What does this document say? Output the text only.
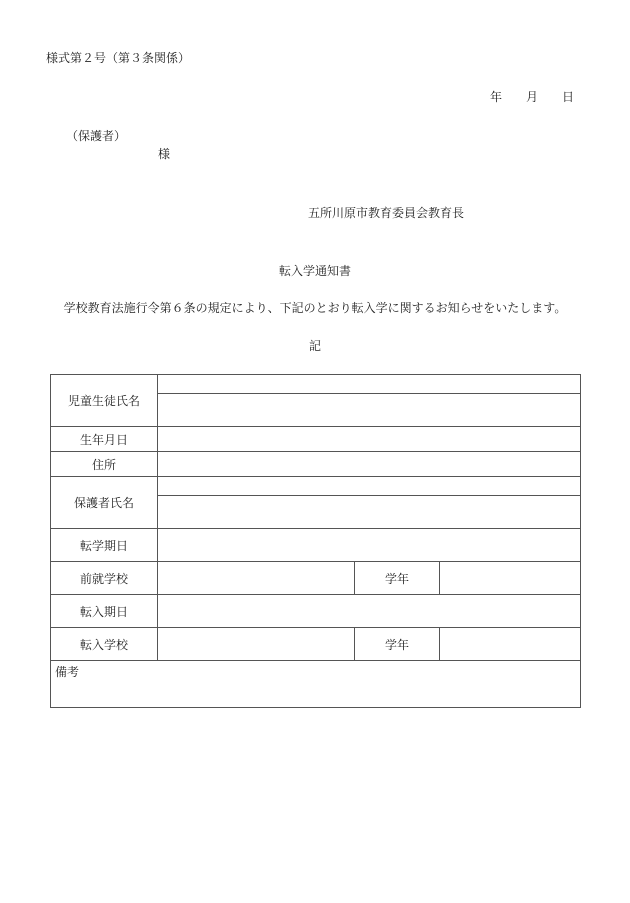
様式第２号（第３条関係）
年 月 日
（保護者）
様
五所川原市教育委員会教育長
転入学通知書
学校教育法施行令第６条の規定により、下記のとおり転入学に関するお知らせをいたします。
記
児童生徒氏名			

生年月日			
住所			
保護者氏名			

転学期日			
前就学校		学年	
転入期日			
転入学校		学年	
備考			
